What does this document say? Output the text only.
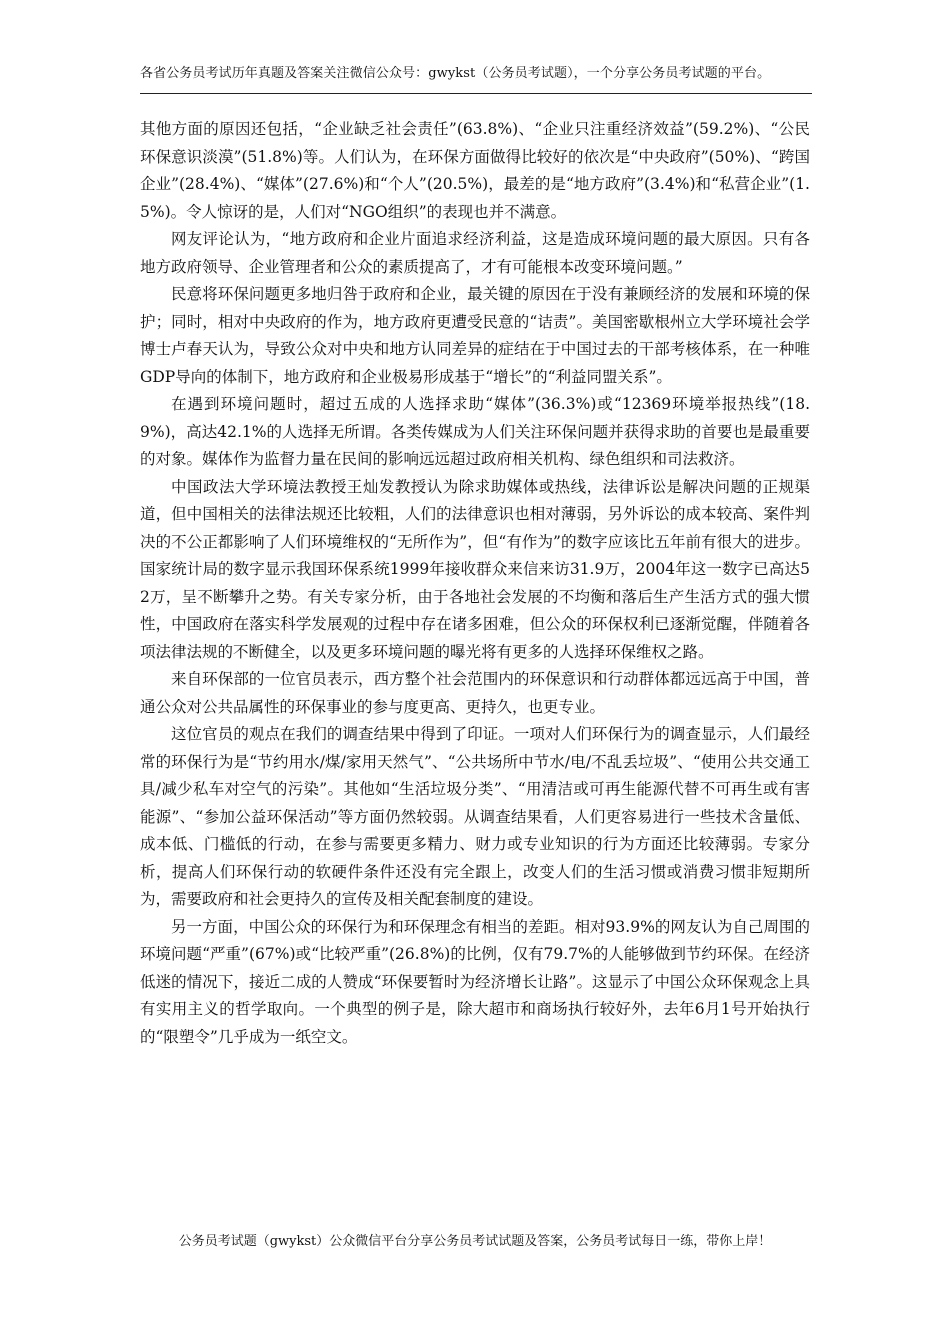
各省公务员考试历年真题及答案关注微信公众号：gwykst（公务员考试题），一个分享公务员考试题的平台。

其他方面的原因还包括，“企业缺乏社会责任”(63.8%)、“企业只注重经济效益”(59.2%)、“公民环保意识淡漠”(51.8%)等。人们认为，在环保方面做得比较好的依次是“中央政府”(50%)、“跨国企业”(28.4%)、“媒体”(27.6%)和“个人”(20.5%)，最差的是“地方政府”(3.4%)和“私营企业”(1.5%)。令人惊讶的是，人们对“NGO组织”的表现也并不满意。

网友评论认为，“地方政府和企业片面追求经济利益，这是造成环境问题的最大原因。只有各地方政府领导、企业管理者和公众的素质提高了，才有可能根本改变环境问题。”

民意将环保问题更多地归咎于政府和企业，最关键的原因在于没有兼顾经济的发展和环境的保护；同时，相对中央政府的作为，地方政府更遭受民意的“诘责”。美国密歇根州立大学环境社会学博士卢春天认为，导致公众对中央和地方认同差异的症结在于中国过去的干部考核体系，在一种唯GDP导向的体制下，地方政府和企业极易形成基于“增长”的“利益同盟关系”。

在遇到环境问题时，超过五成的人选择求助“媒体”(36.3%)或“12369环境举报热线”(18.9%)，高达42.1%的人选择无所谓。各类传媒成为人们关注环保问题并获得求助的首要也是最重要的对象。媒体作为监督力量在民间的影响远远超过政府相关机构、绿色组织和司法救济。

中国政法大学环境法教授王灿发教授认为除求助媒体或热线，法律诉讼是解决问题的正规渠道，但中国相关的法律法规还比较粗，人们的法律意识也相对薄弱，另外诉讼的成本较高、案件判决的不公正都影响了人们环境维权的“无所作为”，但“有作为”的数字应该比五年前有很大的进步。国家统计局的数字显示我国环保系统1999年接收群众来信来访31.9万，2004年这一数字已高达52万，呈不断攀升之势。有关专家分析，由于各地社会发展的不均衡和落后生产生活方式的强大惯性，中国政府在落实科学发展观的过程中存在诸多困难，但公众的环保权利已逐渐觉醒，伴随着各项法律法规的不断健全，以及更多环境问题的曝光将有更多的人选择环保维权之路。

来自环保部的一位官员表示，西方整个社会范围内的环保意识和行动群体都远远高于中国，普通公众对公共品属性的环保事业的参与度更高、更持久，也更专业。

这位官员的观点在我们的调查结果中得到了印证。一项对人们环保行为的调查显示，人们最经常的环保行为是“节约用水/煤/家用天然气”、“公共场所中节水/电/不乱丢垃圾”、“使用公共交通工具/减少私车对空气的污染”。其他如“生活垃圾分类”、“用清洁或可再生能源代替不可再生或有害能源”、“参加公益环保活动”等方面仍然较弱。从调查结果看，人们更容易进行一些技术含量低、成本低、门槛低的行动，在参与需要更多精力、财力或专业知识的行为方面还比较薄弱。专家分析，提高人们环保行动的软硬件条件还没有完全跟上，改变人们的生活习惯或消费习惯非短期所为，需要政府和社会更持久的宣传及相关配套制度的建设。

另一方面，中国公众的环保行为和环保理念有相当的差距。相对93.9%的网友认为自己周围的环境问题“严重”(67%)或“比较严重”(26.8%)的比例，仅有79.7%的人能够做到节约环保。在经济低迷的情况下，接近二成的人赞成“环保要暂时为经济增长让路”。这显示了中国公众环保观念上具有实用主义的哲学取向。一个典型的例子是，除大超市和商场执行较好外，去年6月1号开始执行的“限塑令”几乎成为一纸空文。

公务员考试题（gwykst）公众微信平台分享公务员考试试题及答案，公务员考试每日一练，带你上岸！
